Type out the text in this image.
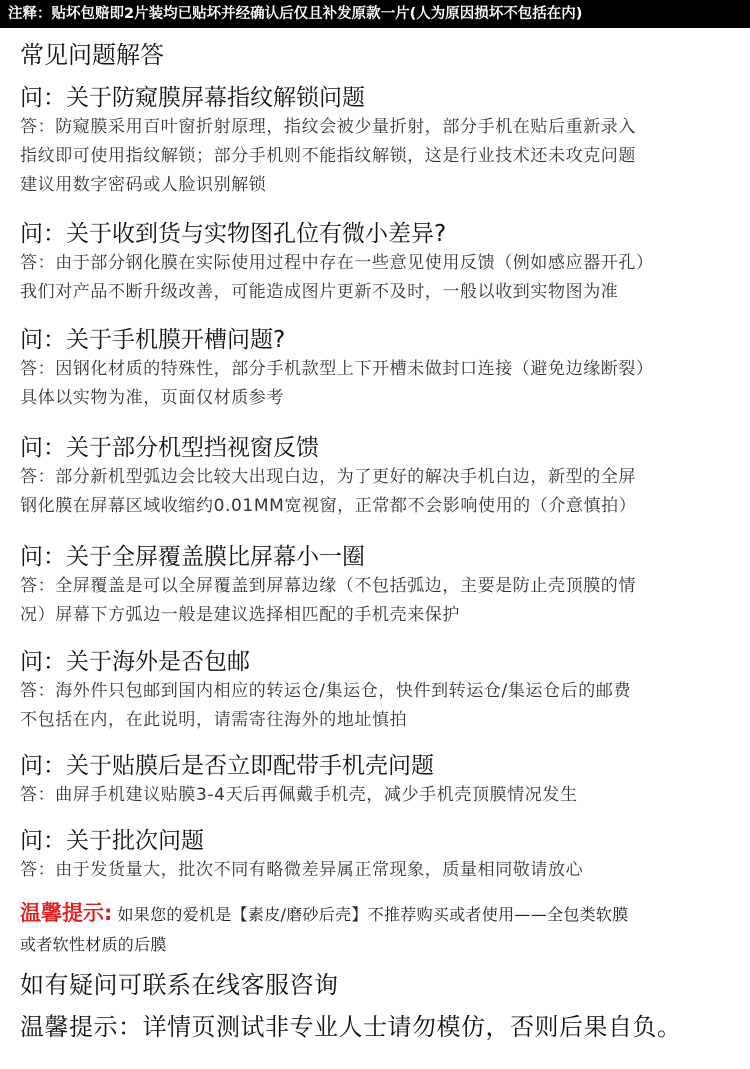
注释：贴坏包赔即2片装均已贴坏并经确认后仅且补发原款一片(人为原因损坏不包括在内)
常见问题解答
问：关于防窥膜屏幕指纹解锁问题
答：防窥膜采用百叶窗折射原理，指纹会被少量折射，部分手机在贴后重新录入
指纹即可使用指纹解锁；部分手机则不能指纹解锁，这是行业技术还未攻克问题
建议用数字密码或人脸识别解锁
问：关于收到货与实物图孔位有微小差异?
答：由于部分钢化膜在实际使用过程中存在一些意见使用反馈（例如感应器开孔）
我们对产品不断升级改善，可能造成图片更新不及时，一般以收到实物图为准
问：关于手机膜开槽问题?
答：因钢化材质的特殊性，部分手机款型上下开槽未做封口连接（避免边缘断裂）
具体以实物为准，页面仅材质参考
问：关于部分机型挡视窗反馈
答：部分新机型弧边会比较大出现白边，为了更好的解决手机白边，新型的全屏
钢化膜在屏幕区域收缩约0.01MM宽视窗，正常都不会影响使用的（介意慎拍）
问：关于全屏覆盖膜比屏幕小一圈
答：全屏覆盖是可以全屏覆盖到屏幕边缘（不包括弧边，主要是防止壳顶膜的情
况）屏幕下方弧边一般是建议选择相匹配的手机壳来保护
问：关于海外是否包邮
答：海外件只包邮到国内相应的转运仓/集运仓，快件到转运仓/集运仓后的邮费
不包括在内，在此说明，请需寄往海外的地址慎拍
问：关于贴膜后是否立即配带手机壳问题
答：曲屏手机建议贴膜3-4天后再佩戴手机壳，减少手机壳顶膜情况发生
问：关于批次问题
答：由于发货量大，批次不同有略微差异属正常现象，质量相同敬请放心
温馨提示: 如果您的爱机是【素皮/磨砂后壳】不推荐购买或者使用——全包类软膜
或者软性材质的后膜
如有疑问可联系在线客服咨询
温馨提示：详情页测试非专业人士请勿模仿，否则后果自负。
